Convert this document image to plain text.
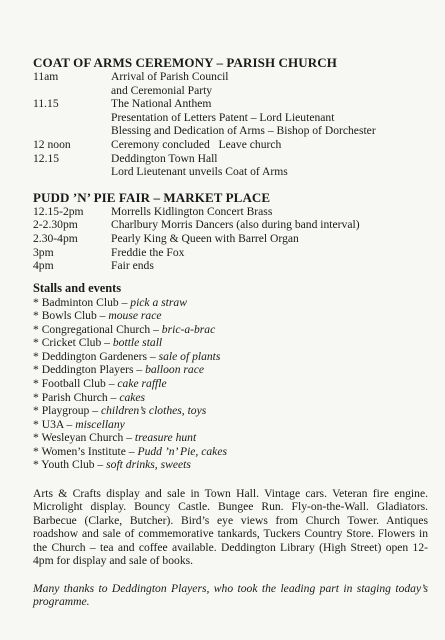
COAT OF ARMS CEREMONY – PARISH CHURCH
11am	Arrival of Parish Council
and Ceremonial Party
11.15	The National Anthem
Presentation of Letters Patent – Lord Lieutenant
Blessing and Dedication of Arms – Bishop of Dorchester
12 noon	Ceremony concluded   Leave church
12.15	Deddington Town Hall
Lord Lieutenant unveils Coat of Arms
PUDD ’N’ PIE FAIR – MARKET PLACE
12.15-2pm	Morrells Kidlington Concert Brass
2-2.30pm	Charlbury Morris Dancers (also during band interval)
2.30-4pm	Pearly King & Queen with Barrel Organ
3pm	Freddie the Fox
4pm	Fair ends
Stalls and events

* Badminton Club – pick a straw

* Bowls Club – mouse race

* Congregational Church – bric-a-brac

* Cricket Club – bottle stall

* Deddington Gardeners – sale of plants

* Deddington Players – balloon race

* Football Club – cake raffle

* Parish Church – cakes

* Playgroup – children’s clothes, toys

* U3A – miscellany

* Wesleyan Church – treasure hunt

* Women’s Institute – Pudd ’n’ Pie, cakes

* Youth Club – soft drinks, sweets

Arts & Crafts display and sale in Town Hall. Vintage cars. Veteran fire engine. Microlight display. Bouncy Castle. Bungee Run. Fly-on-the-Wall. Gladiators. Barbecue (Clarke, Butcher). Bird’s eye views from Church Tower. Antiques roadshow and sale of commemorative tankards, Tuckers Country Store. Flowers in the Church – tea and coffee available. Deddington Library (High Street) open 12-4pm for display and sale of books.

Many thanks to Deddington Players, who took the leading part in staging today’s programme.
